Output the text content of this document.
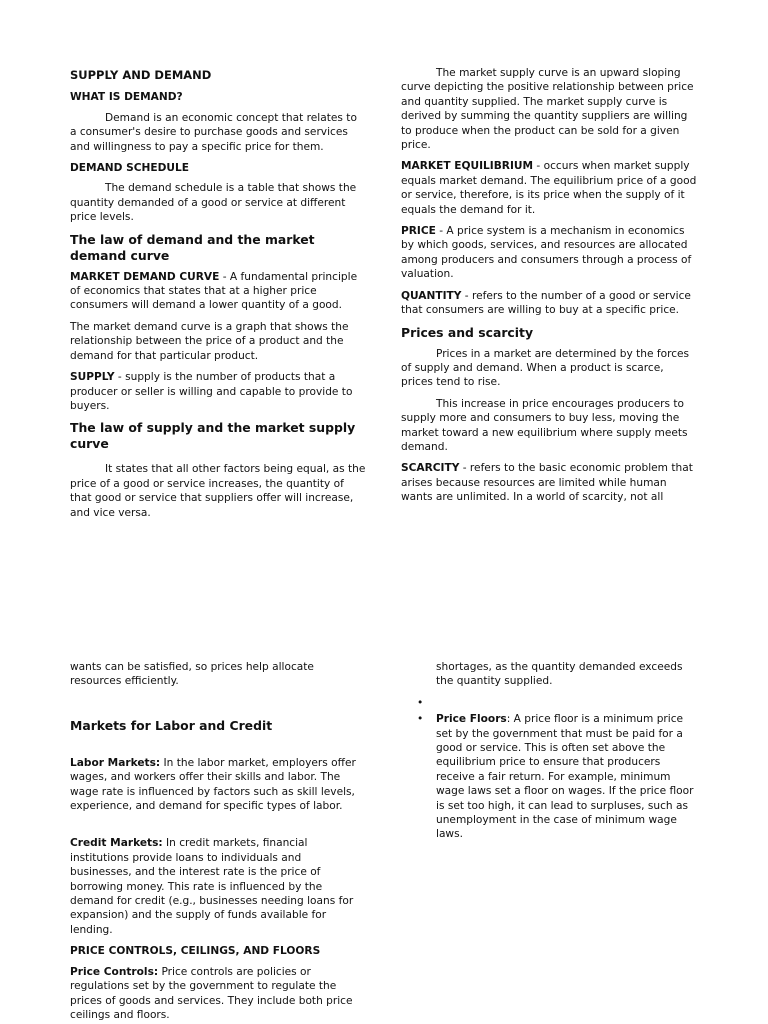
SUPPLY AND DEMAND
WHAT IS DEMAND?

Demand is an economic concept that relates to a consumer's desire to purchase goods and services and willingness to pay a specific price for them.

DEMAND SCHEDULE

The demand schedule is a table that shows the quantity demanded of a good or service at different price levels.

The law of demand and the market demand curve

MARKET DEMAND CURVE - A fundamental principle of economics that states that at a higher price consumers will demand a lower quantity of a good.

The market demand curve is a graph that shows the relationship between the price of a product and the demand for that particular product.

SUPPLY - supply is the number of products that a producer or seller is willing and capable to provide to buyers.

The law of supply and the market supply curve

It states that all other factors being equal, as the price of a good or service increases, the quantity of that good or service that suppliers offer will increase, and vice versa.

The market supply curve is an upward sloping curve depicting the positive relationship between price and quantity supplied. The market supply curve is derived by summing the quantity suppliers are willing to produce when the product can be sold for a given price.

MARKET EQUILIBRIUM - occurs when market supply equals market demand. The equilibrium price of a good or service, therefore, is its price when the supply of it equals the demand for it.

PRICE - A price system is a mechanism in economics by which goods, services, and resources are allocated among producers and consumers through a process of valuation.

QUANTITY - refers to the number of a good or service that consumers are willing to buy at a specific price.

Prices and scarcity

Prices in a market are determined by the forces of supply and demand. When a product is scarce, prices tend to rise.

This increase in price encourages producers to supply more and consumers to buy less, moving the market toward a new equilibrium where supply meets demand.

SCARCITY - refers to the basic economic problem that arises because resources are limited while human wants are unlimited. In a world of scarcity, not all

wants can be satisfied, so prices help allocate resources efficiently.

Markets for Labor and Credit

Labor Markets: In the labor market, employers offer wages, and workers offer their skills and labor. The wage rate is influenced by factors such as skill levels, experience, and demand for specific types of labor.

Credit Markets: In credit markets, financial institutions provide loans to individuals and businesses, and the interest rate is the price of borrowing money. This rate is influenced by the demand for credit (e.g., businesses needing loans for expansion) and the supply of funds available for lending.

PRICE CONTROLS, CEILINGS, AND FLOORS

Price Controls: Price controls are policies or regulations set by the government to regulate the prices of goods and services. They include both price ceilings and floors.

shortages, as the quantity demanded exceeds the quantity supplied.

•

• Price Floors: A price floor is a minimum price set by the government that must be paid for a good or service. This is often set above the equilibrium price to ensure that producers receive a fair return. For example, minimum wage laws set a floor on wages. If the price floor is set too high, it can lead to surpluses, such as unemployment in the case of minimum wage laws.
